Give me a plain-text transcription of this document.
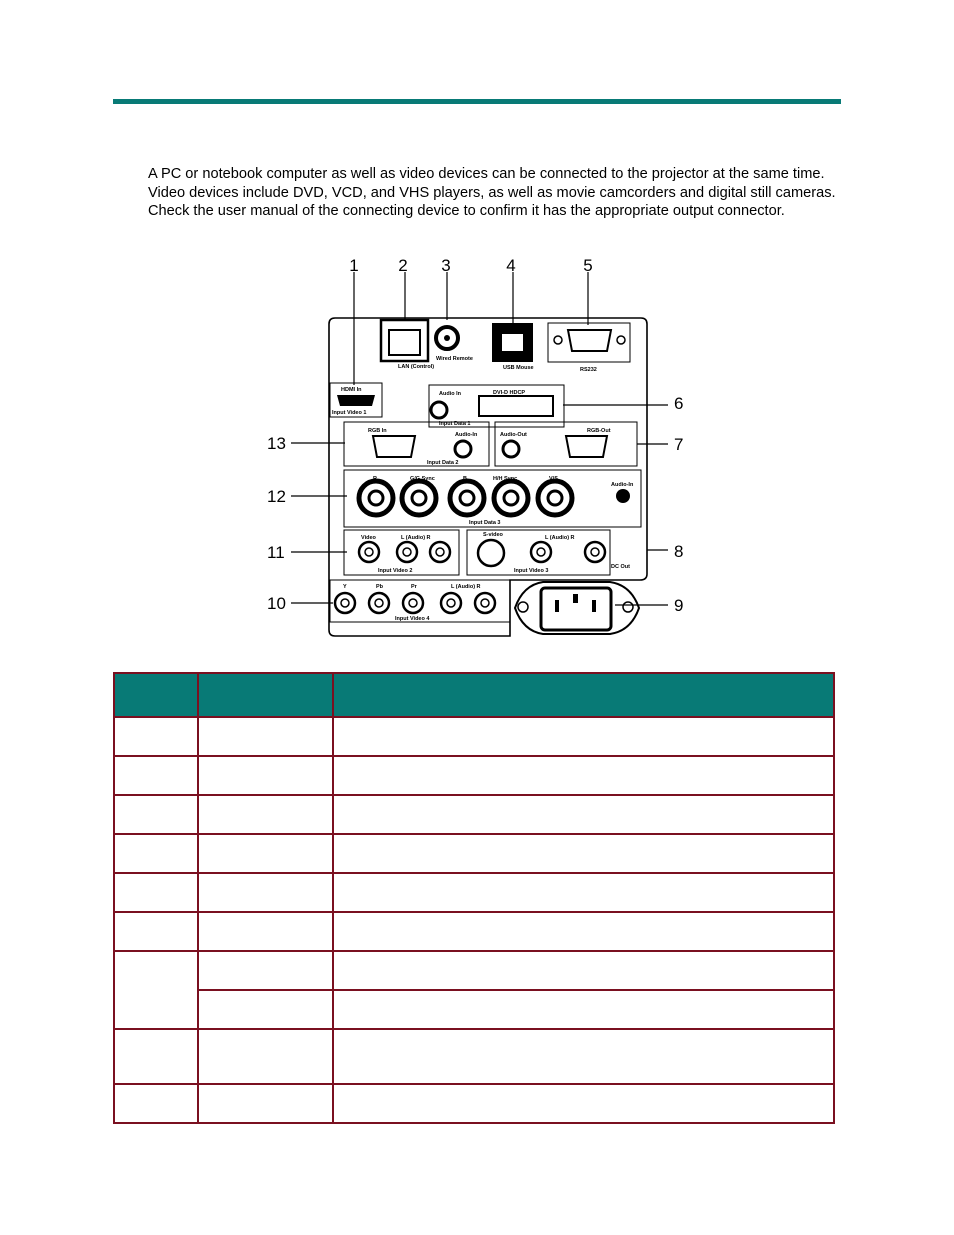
A PC or notebook computer as well as video devices can be connected to the projector at the same time. Video devices include DVD, VCD, and VHS players, as well as movie camcorders and digital still cameras. Check the user manual of the connecting device to confirm it has the appropriate output connector.

1 2 3	4	5
6
7
8
9
10
11
12
13
HDMI In
Input Video 1
LAN (Control)
Wired Remote
USB Mouse	RS232
Audio In	DVI-D HDCP
Input Data 1
RGB In
Audio-In
Input Data 2
Audio-Out
RGB-Out
R	G/G Sync	B	H/H Sync	V/S
Audio-In
Input Data 3
Video	L (Audio) R
Input Video 2
S-video	L (Audio) R
Input Video 3
DC Out
Y	Pb	Pr	L (Audio) R
Input Video 4
